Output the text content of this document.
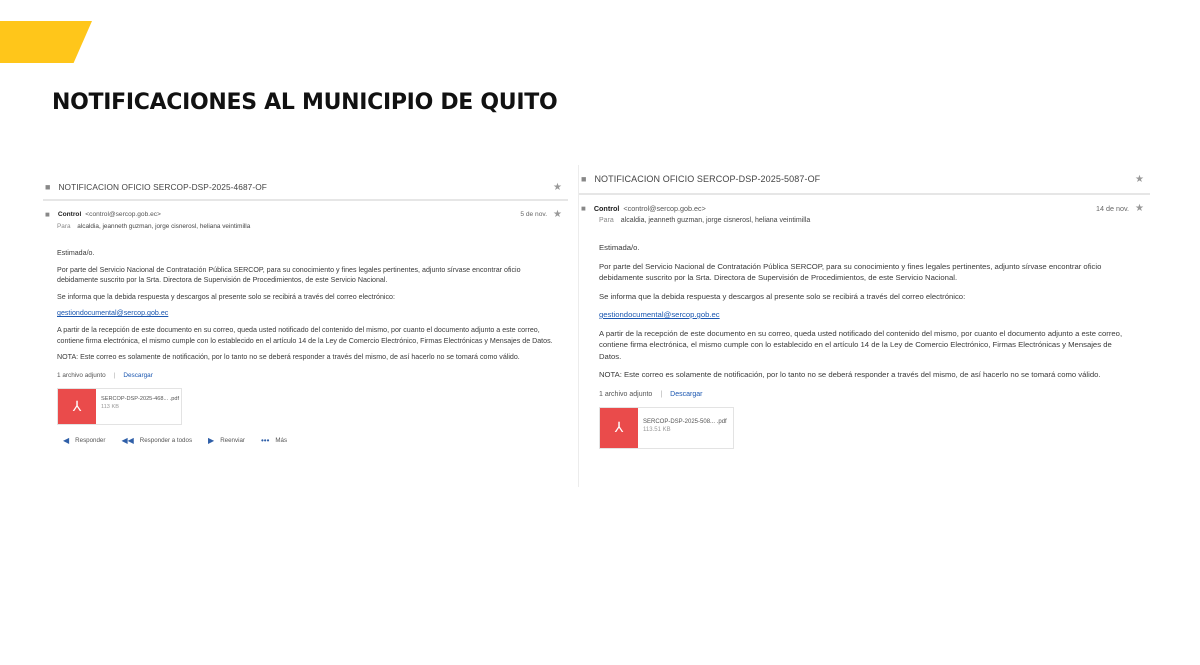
NOTIFICACIONES AL MUNICIPIO DE QUITO
■ NOTIFICACION OFICIO SERCOP-DSP-2025-4687-OF	★
■ Control <control@sercop.gob.ec>	5 de nov. ★
Para alcaldia, jeanneth guzman, jorge cisnerosl, heliana veintimilla

Estimada/o.

Por parte del Servicio Nacional de Contratación Pública SERCOP, para su conocimiento y fines legales pertinentes, adjunto sírvase encontrar oficio debidamente suscrito por la Srta. Directora de Supervisión de Procedimientos, de este Servicio Nacional.

Se informa que la debida respuesta y descargos al presente solo se recibirá a través del correo electrónico:

gestiondocumental@sercop.gob.ec

A partir de la recepción de este documento en su correo, queda usted notificado del contenido del mismo, por cuanto el documento adjunto a este correo, contiene firma electrónica, el mismo cumple con lo establecido en el artículo 14 de la Ley de Comercio Electrónico, Firmas Electrónicas y Mensajes de Datos.

NOTA: Este correo es solamente de notificación, por lo tanto no se deberá responder a través del mismo, de así hacerlo no se tomará como válido.

1 archivo adjunto | Descargar
⅄	SERCOP-DSP-2025-468... .pdf
113 KB
◀ Responder ◀◀ Responder a todos ▶ Reenviar ••• Más
■ NOTIFICACION OFICIO SERCOP-DSP-2025-5087-OF	★
■ Control <control@sercop.gob.ec>	14 de nov. ★
Para alcaldia, jeanneth guzman, jorge cisnerosl, heliana veintimilla

Estimada/o.

Por parte del Servicio Nacional de Contratación Pública SERCOP, para su conocimiento y fines legales pertinentes, adjunto sírvase encontrar oficio debidamente suscrito por la Srta. Directora de Supervisión de Procedimientos, de este Servicio Nacional.

Se informa que la debida respuesta y descargos al presente solo se recibirá a través del correo electrónico:

gestiondocumental@sercop.gob.ec

A partir de la recepción de este documento en su correo, queda usted notificado del contenido del mismo, por cuanto el documento adjunto a este correo, contiene firma electrónica, el mismo cumple con lo establecido en el artículo 14 de la Ley de Comercio Electrónico, Firmas Electrónicas y Mensajes de Datos.

NOTA: Este correo es solamente de notificación, por lo tanto no se deberá responder a través del mismo, de así hacerlo no se tomará como válido.

1 archivo adjunto | Descargar
⅄	SERCOP-DSP-2025-508... .pdf
113.51 KB
